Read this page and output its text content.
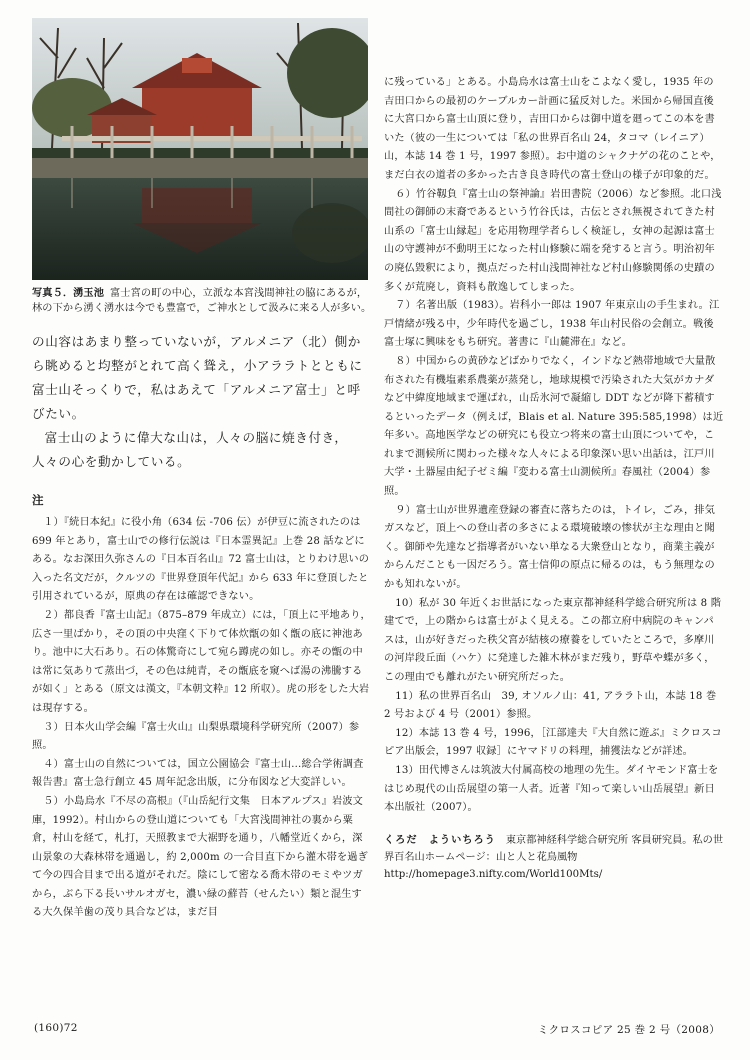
写真５．湧玉池 富士宮の町の中心，立派な本宮浅間神社の脇にあるが，林の下から湧く湧水は今でも豊富で，ご神水として汲みに来る人が多い。

の山容はあまり整っていないが，アルメニア（北）側から眺めると均整がとれて高く聳え，小アララトとともに富士山そっくりで，私はあえて「アルメニア富士」と呼びたい。

富士山のように偉大な山は，人々の脳に焼き付き，人々の心を動かしている。

注

１）『続日本紀』に役小角（634 伝 -706 伝）が伊豆に流されたのは 699 年とあり，富士山での修行伝説は『日本霊異記』上巻 28 話などにある。なお深田久弥さんの『日本百名山』72 富士山は，とりわけ思いの入った名文だが，クルツの『世界登頂年代記』から 633 年に登頂したと引用されているが，原典の存在は確認できない。

２）都良香『富士山記』（875–879 年成立）には，「頂上に平地あり，広さ一里ばかり，その頂の中央窪く下りて体炊甑の如く甑の底に神池あり。池中に大石あり。石の体驚奇にして宛ら蹲虎の如し。亦その甑の中は常に気ありて蒸出づ，その色は純青，その甑底を窺へば湯の沸騰するが如く」とある（原文は漢文，『本朝文粋』12 所収）。虎の形をした大岩は現存する。

３）日本火山学会編『富士火山』山梨県環境科学研究所（2007）参照。

４）富士山の自然については，国立公園協会『富士山…総合学術調査報告書』富士急行創立 45 周年記念出版，に分布図など大変詳しい。

５）小島烏水『不尽の高根』（『山岳紀行文集　日本アルプス』岩波文庫，1992）。村山からの登山道についても「大宮浅間神社の裏から粟倉，村山を経て，札打，天照教まで大裾野を通り，八幡堂近くから，深山景象の大森林帯を通過し，約 2,000m の一合目直下から灌木帯を過ぎて今の四合目まで出る道がそれだ。陰にして密なる喬木帯のモミやツガから，ぶら下る長いサルオガセ，濃い緑の蘚苔（せんたい）類と混生する大久保羊歯の茂り具合などは，まだ目

に残っている」とある。小島烏水は富士山をこよなく愛し，1935 年の吉田口からの最初のケーブルカー計画に猛反対した。米国から帰国直後に大宮口から富士山頂に登り，吉田口からは御中道を廻ってこの本を書いた（彼の一生については「私の世界百名山 24，タコマ（レイニア）山，本誌 14 巻 1 号，1997 参照）。お中道のシャクナゲの花のことや，まだ白衣の道者の多かった古き良き時代の富士登山の様子が印象的だ。

６）竹谷靱負『富士山の祭神論』岩田書院（2006）など参照。北口浅間社の御師の末裔であるという竹谷氏は，古伝とされ無視されてきた村山系の「富士山縁起」を応用物理学者らしく検証し，女神の起源は富士山の守護神が不動明王になった村山修験に端を発すると言う。明治初年の廃仏毀釈により，拠点だった村山浅間神社など村山修験関係の史蹟の多くが荒廃し，資料も散逸してしまった。

７）名著出版（1983）。岩科小一郎は 1907 年東京山の手生まれ。江戸情緒が残る中，少年時代を過ごし，1938 年山村民俗の会創立。戦後富士塚に興味をもち研究。著書に『山麓滞在』など。

８）中国からの黄砂などばかりでなく，インドなど熱帯地域で大量散布された有機塩素系農薬が蒸発し，地球規模で汚染された大気がカナダなど中緯度地域まで運ばれ，山岳氷河で凝縮し DDT などが降下蓄積するといったデータ（例えば，Blais et al. Nature 395:585,1998）は近年多い。高地医学などの研究にも役立つ将来の富士山頂についてや，これまで測候所に関わった様々な人々による印象深い思い出話は，江戸川大学・土器屋由紀子ゼミ編『変わる富士山測候所』春風社（2004）参照。

９）富士山が世界遺産登録の審査に落ちたのは，トイレ，ごみ，排気ガスなど，頂上への登山者の多さによる環境破壊の惨状が主な理由と聞く。御師や先達など指導者がいない単なる大衆登山となり，商業主義がからんだことも一因だろう。富士信仰の原点に帰るのは，もう無理なのかも知れないが。

10）私が 30 年近くお世話になった東京都神経科学総合研究所は 8 階建てで，上の階からは富士がよく見える。この都立府中病院のキャンパスは，山が好きだった秩父宮が結核の療養をしていたところで，多摩川の河岸段丘面（ハケ）に発達した雑木林がまだ残り，野草や蝶が多く，この理由でも離れがたい研究所だった。

11）私の世界百名山　39, オソルノ山：41, アララト山，本誌 18 巻 2 号および 4 号（2001）参照。

12）本誌 13 巻 4 号，1996，［江部達夫『大自然に遊ぶ』ミクロスコピア出版会，1997 収録］にヤマドリの料理，捕獲法などが詳述。

13）田代博さんは筑波大付属高校の地理の先生。ダイヤモンド富士をはじめ現代の山岳展望の第一人者。近著『知って楽しい山岳展望』新日本出版社（2007）。

くろだ　よういちろう 東京都神経科学総合研究所 客員研究員。私の世界百名山ホームページ：山と人と花鳥風物 http://homepage3.nifty.com/World100Mts/
(160)72	ミクロスコピア 25 巻 2 号（2008）
